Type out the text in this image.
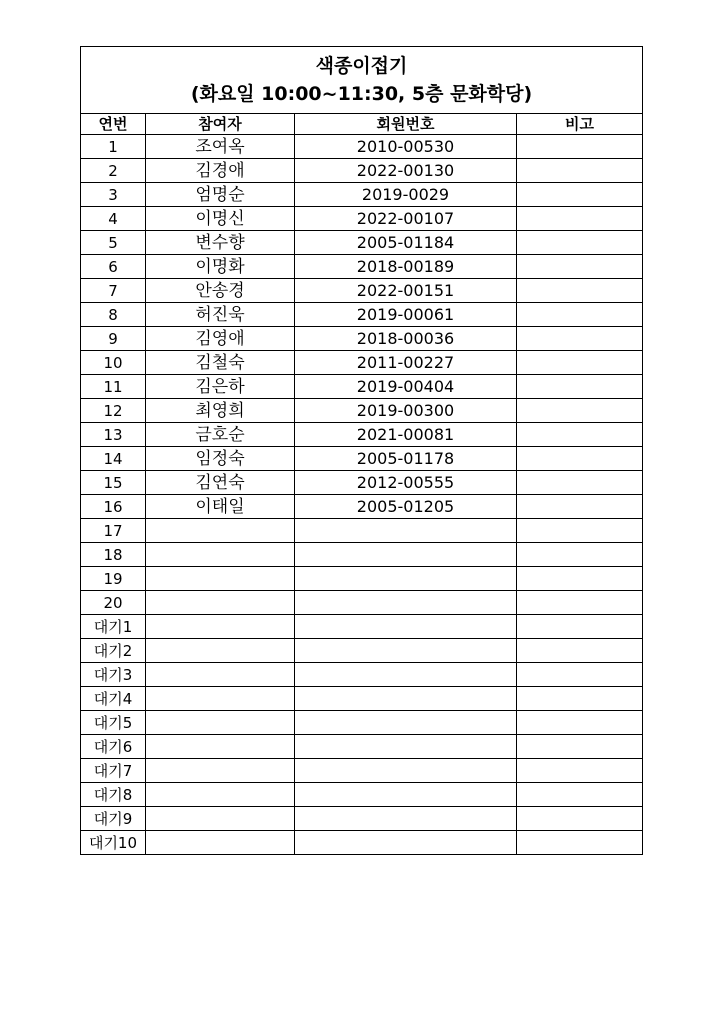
색종이접기
(화요일 10:00~11:30, 5층 문화학당)			

연번	참여자	회원번호	비고
1	조여옥	2010-00530	
2	김경애	2022-00130	
3	엄명순	2019-0029	
4	이명신	2022-00107	
5	변수향	2005-01184	
6	이명화	2018-00189	
7	안송경	2022-00151	
8	허진욱	2019-00061	
9	김영애	2018-00036	
10	김철숙	2011-00227	
11	김은하	2019-00404	
12	최영희	2019-00300	
13	금호순	2021-00081	
14	임정숙	2005-01178	
15	김연숙	2012-00555	
16	이태일	2005-01205	
17			
18			
19			
20			
대기1			
대기2			
대기3			
대기4			
대기5			
대기6			
대기7			
대기8			
대기9			
대기10			
